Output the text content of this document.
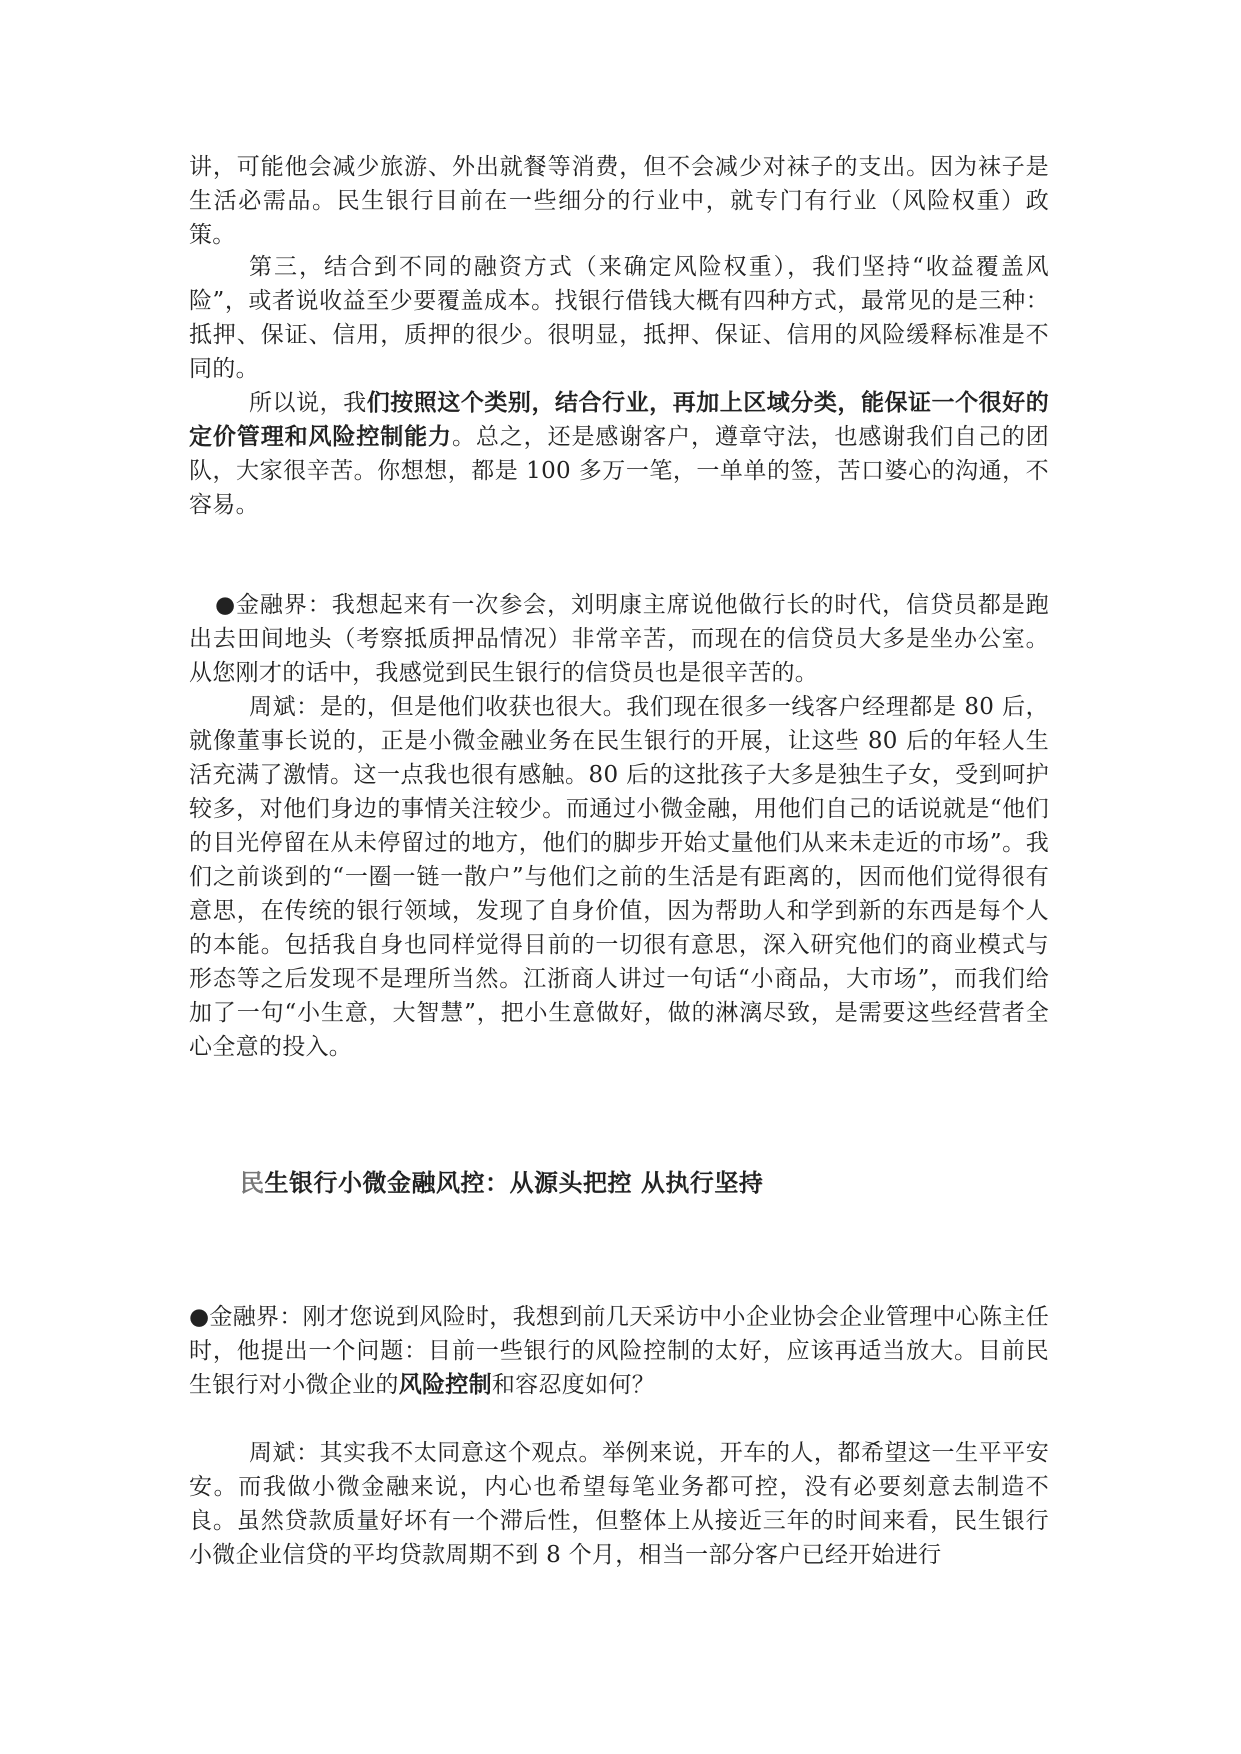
讲，可能他会减少旅游、外出就餐等消费，但不会减少对袜子的支出。因为袜子是生活必需品。民生银行目前在一些细分的行业中，就专门有行业（风险权重）政策。

第三，结合到不同的融资方式（来确定风险权重），我们坚持“收益覆盖风险”，或者说收益至少要覆盖成本。找银行借钱大概有四种方式，最常见的是三种：抵押、保证、信用，质押的很少。很明显，抵押、保证、信用的风险缓释标准是不同的。

所以说，我们按照这个类别，结合行业，再加上区域分类，能保证一个很好的定价管理和风险控制能力。总之，还是感谢客户，遵章守法，也感谢我们自己的团队，大家很辛苦。你想想，都是 100 多万一笔，一单单的签，苦口婆心的沟通，不容易。

●金融界：我想起来有一次参会，刘明康主席说他做行长的时代，信贷员都是跑出去田间地头（考察抵质押品情况）非常辛苦，而现在的信贷员大多是坐办公室。从您刚才的话中，我感觉到民生银行的信贷员也是很辛苦的。

周斌：是的，但是他们收获也很大。我们现在很多一线客户经理都是 80 后，就像董事长说的，正是小微金融业务在民生银行的开展，让这些 80 后的年轻人生活充满了激情。这一点我也很有感触。80 后的这批孩子大多是独生子女，受到呵护较多，对他们身边的事情关注较少。而通过小微金融，用他们自己的话说就是“他们的目光停留在从未停留过的地方，他们的脚步开始丈量他们从来未走近的市场”。我们之前谈到的“一圈一链一散户”与他们之前的生活是有距离的，因而他们觉得很有意思，在传统的银行领域，发现了自身价值，因为帮助人和学到新的东西是每个人的本能。包括我自身也同样觉得目前的一切很有意思，深入研究他们的商业模式与形态等之后发现不是理所当然。江浙商人讲过一句话“小商品，大市场”，而我们给加了一句“小生意，大智慧”，把小生意做好，做的淋漓尽致，是需要这些经营者全心全意的投入。

民生银行小微金融风控：从源头把控 从执行坚持

●金融界：刚才您说到风险时，我想到前几天采访中小企业协会企业管理中心陈主任时，他提出一个问题：目前一些银行的风险控制的太好，应该再适当放大。目前民生银行对小微企业的风险控制和容忍度如何？

周斌：其实我不太同意这个观点。举例来说，开车的人，都希望这一生平平安安。而我做小微金融来说，内心也希望每笔业务都可控，没有必要刻意去制造不良。虽然贷款质量好坏有一个滞后性，但整体上从接近三年的时间来看，民生银行小微企业信贷的平均贷款周期不到 8 个月，相当一部分客户已经开始进行
